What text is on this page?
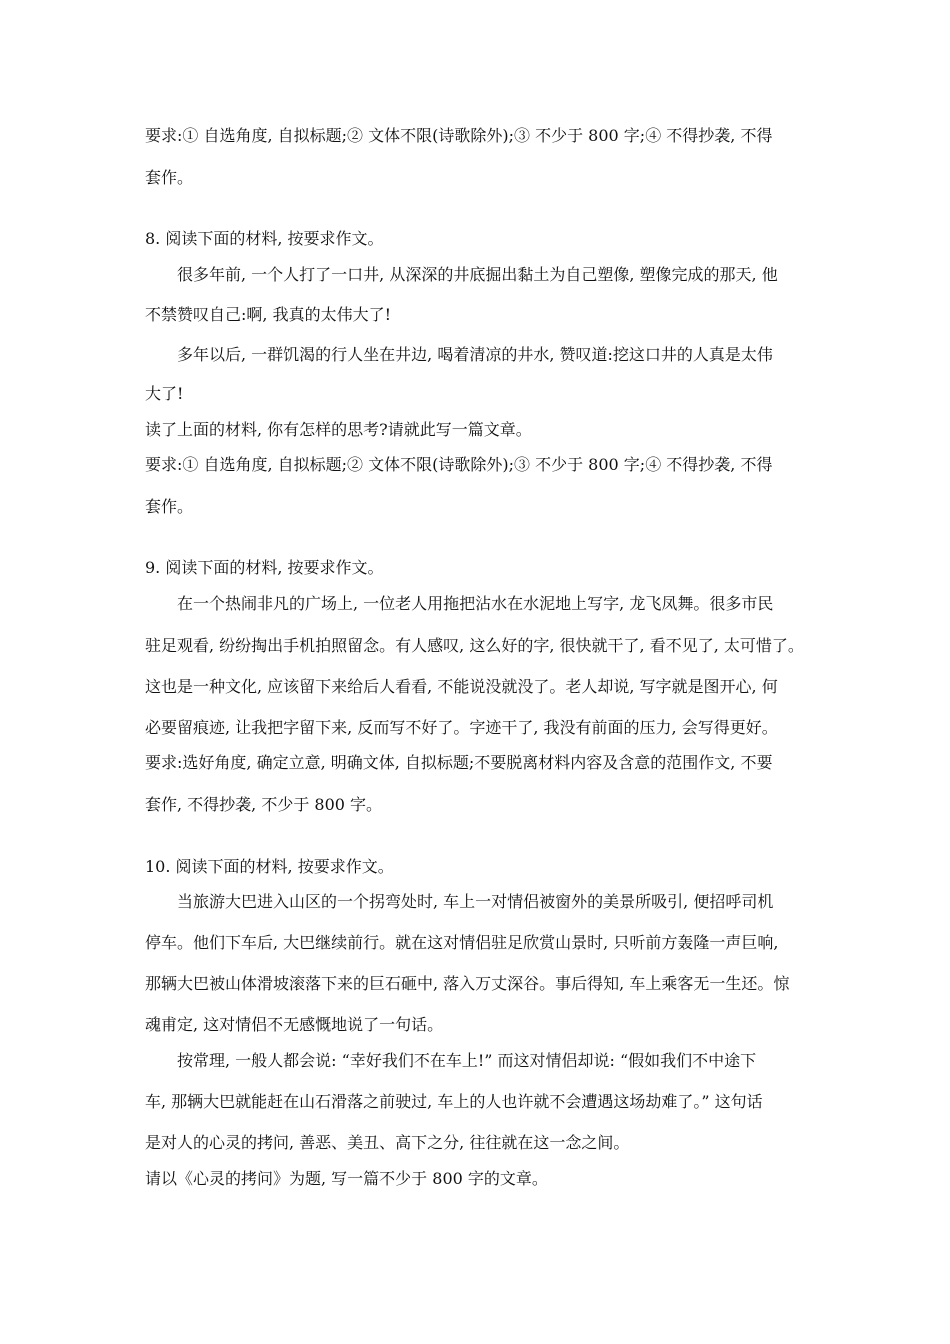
要求:① 自选角度, 自拟标题;② 文体不限(诗歌除外);③ 不少于 800 字;④ 不得抄袭, 不得
套作。
8. 阅读下面的材料, 按要求作文。
很多年前, 一个人打了一口井, 从深深的井底掘出黏土为自己塑像, 塑像完成的那天, 他
不禁赞叹自己:啊, 我真的太伟大了!
多年以后, 一群饥渴的行人坐在井边, 喝着清凉的井水, 赞叹道:挖这口井的人真是太伟
大了!
读了上面的材料, 你有怎样的思考?请就此写一篇文章。
要求:① 自选角度, 自拟标题;② 文体不限(诗歌除外);③ 不少于 800 字;④ 不得抄袭, 不得
套作。
9. 阅读下面的材料, 按要求作文。
在一个热闹非凡的广场上, 一位老人用拖把沾水在水泥地上写字, 龙飞凤舞。很多市民
驻足观看, 纷纷掏出手机拍照留念。有人感叹, 这么好的字, 很快就干了, 看不见了, 太可惜了。
这也是一种文化, 应该留下来给后人看看, 不能说没就没了。老人却说, 写字就是图开心, 何
必要留痕迹, 让我把字留下来, 反而写不好了。字迹干了, 我没有前面的压力, 会写得更好。
要求:选好角度, 确定立意, 明确文体, 自拟标题;不要脱离材料内容及含意的范围作文, 不要
套作, 不得抄袭, 不少于 800 字。
10. 阅读下面的材料, 按要求作文。
当旅游大巴进入山区的一个拐弯处时, 车上一对情侣被窗外的美景所吸引, 便招呼司机
停车。他们下车后, 大巴继续前行。就在这对情侣驻足欣赏山景时, 只听前方轰隆一声巨响,
那辆大巴被山体滑坡滚落下来的巨石砸中, 落入万丈深谷。事后得知, 车上乘客无一生还。惊
魂甫定, 这对情侣不无感慨地说了一句话。
按常理, 一般人都会说: “幸好我们不在车上!” 而这对情侣却说: “假如我们不中途下
车, 那辆大巴就能赶在山石滑落之前驶过, 车上的人也许就不会遭遇这场劫难了。” 这句话
是对人的心灵的拷问, 善恶、美丑、高下之分, 往往就在这一念之间。
请以《心灵的拷问》为题, 写一篇不少于 800 字的文章。
